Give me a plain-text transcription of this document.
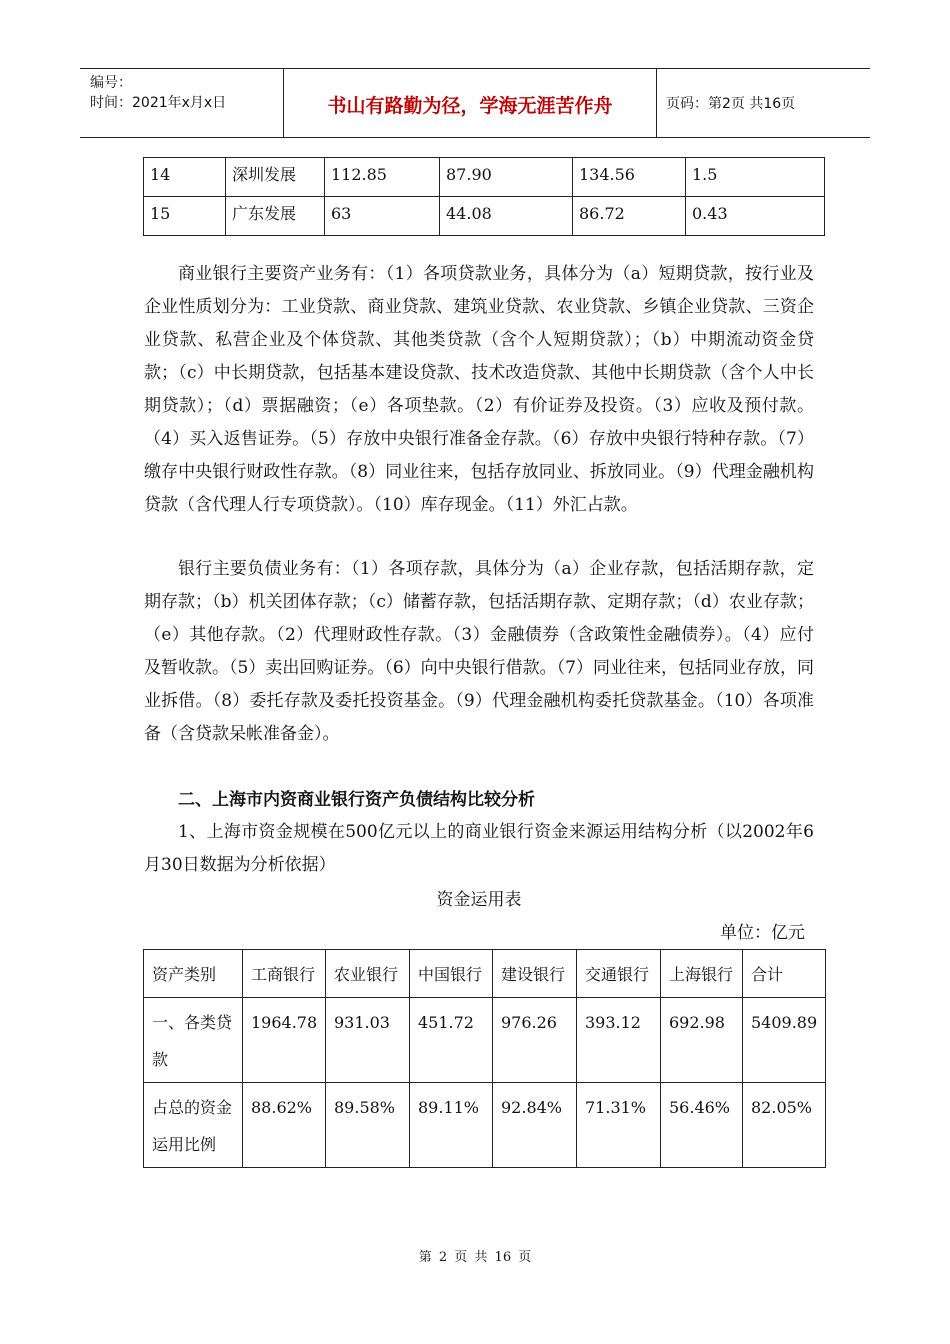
编号：
时间：2021年x月x日	书山有路勤为径，学海无涯苦作舟	页码：第2页 共16页
14	深圳发展	112.85	87.90	134.56	1.5
15	广东发展	63	44.08	86.72	0.43
商业银行主要资产业务有：（1）各项贷款业务，具体分为（a）短期贷款，按行业及企业性质划分为：工业贷款、商业贷款、建筑业贷款、农业贷款、乡镇企业贷款、三资企业贷款、私营企业及个体贷款、其他类贷款（含个人短期贷款）；（b）中期流动资金贷款；（c）中长期贷款，包括基本建设贷款、技术改造贷款、其他中长期贷款（含个人中长期贷款）；（d）票据融资；（e）各项垫款。（2）有价证券及投资。（3）应收及预付款。（4）买入返售证券。（5）存放中央银行准备金存款。（6）存放中央银行特种存款。（7）缴存中央银行财政性存款。（8）同业往来，包括存放同业、拆放同业。（9）代理金融机构贷款（含代理人行专项贷款）。（10）库存现金。（11）外汇占款。
银行主要负债业务有：（1）各项存款，具体分为（a）企业存款，包括活期存款，定期存款；（b）机关团体存款；（c）储蓄存款，包括活期存款、定期存款；（d）农业存款；（e）其他存款。（2）代理财政性存款。（3）金融债券（含政策性金融债券）。（4）应付及暂收款。（5）卖出回购证券。（6）向中央银行借款。（7）同业往来，包括同业存放，同业拆借。（8）委托存款及委托投资基金。（9）代理金融机构委托贷款基金。（10）各项准备（含贷款呆帐准备金）。
二、上海市内资商业银行资产负债结构比较分析
1、上海市资金规模在500亿元以上的商业银行资金来源运用结构分析（以2002年6月30日数据为分析依据）
资金运用表
单位：亿元
资产类别	工商银行	农业银行	中国银行	建设银行	交通银行	上海银行	合计
一、各类贷款	1964.78	931.03	451.72	976.26	393.12	692.98	5409.89
占总的资金运用比例	88.62%	89.58%	89.11%	92.84%	71.31%	56.46%	82.05%
第 2 页 共 16 页
